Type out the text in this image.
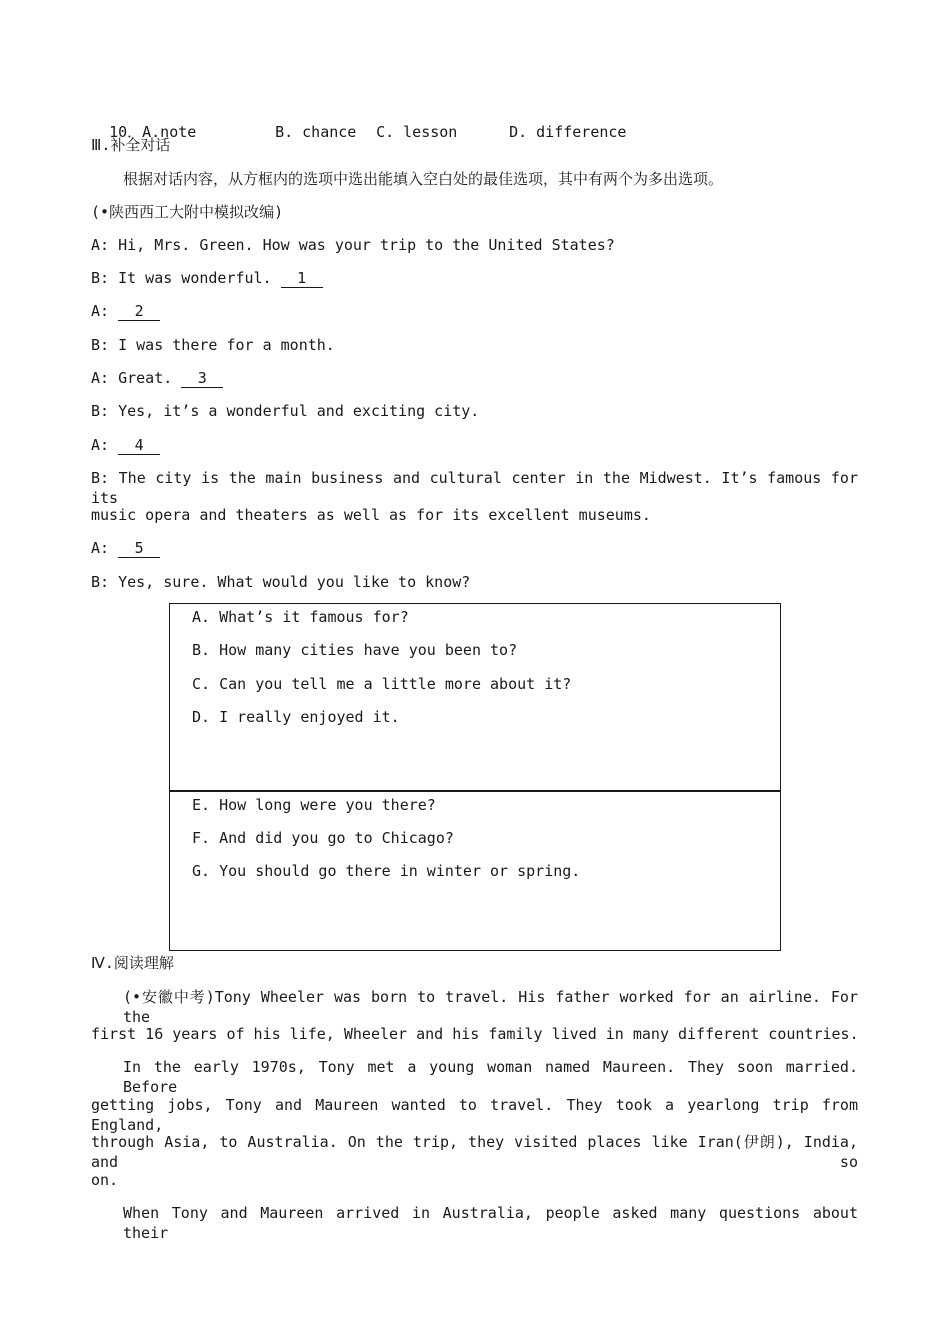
10．A.note	B. chance C. lesson	D. difference

Ⅲ.补全对话
根据对话内容，从方框内的选项中选出能填入空白处的最佳选项，其中有两个为多出选项。
(•陕西西工大附中模拟改编)
A: Hi, Mrs. Green. How was your trip to the United States?
B: It was wonderful. 1
A: 2
B: I was there for a month.
A: Great. 3
B: Yes, it’s a wonderful and exciting city.
A: 4
B: The city is the main business and cultural center in the Midwest. It’s famous for its
music opera and theaters as well as for its excellent museums.
A: 5
B: Yes, sure. What would you like to know?
A. What’s it famous for?
B. How many cities have you been to?
C. Can you tell me a little more about it?
D. I really enjoyed it.
E. How long were you there?
F. And did you go to Chicago?
G. You should go there in winter or spring.
Ⅳ.阅读理解
(•安徽中考)Tony Wheeler was born to travel. His father worked for an airline. For the
first 16 years of his life, Wheeler and his family lived in many different countries.
In the early 1970s, Tony met a young woman named Maureen. They soon married. Before
getting jobs, Tony and Maureen wanted to travel. They took a yearlong trip from England,
through Asia, to Australia. On the trip, they visited places like Iran(伊朗), India, and so
on.
When Tony and Maureen arrived in Australia, people asked many questions about their
